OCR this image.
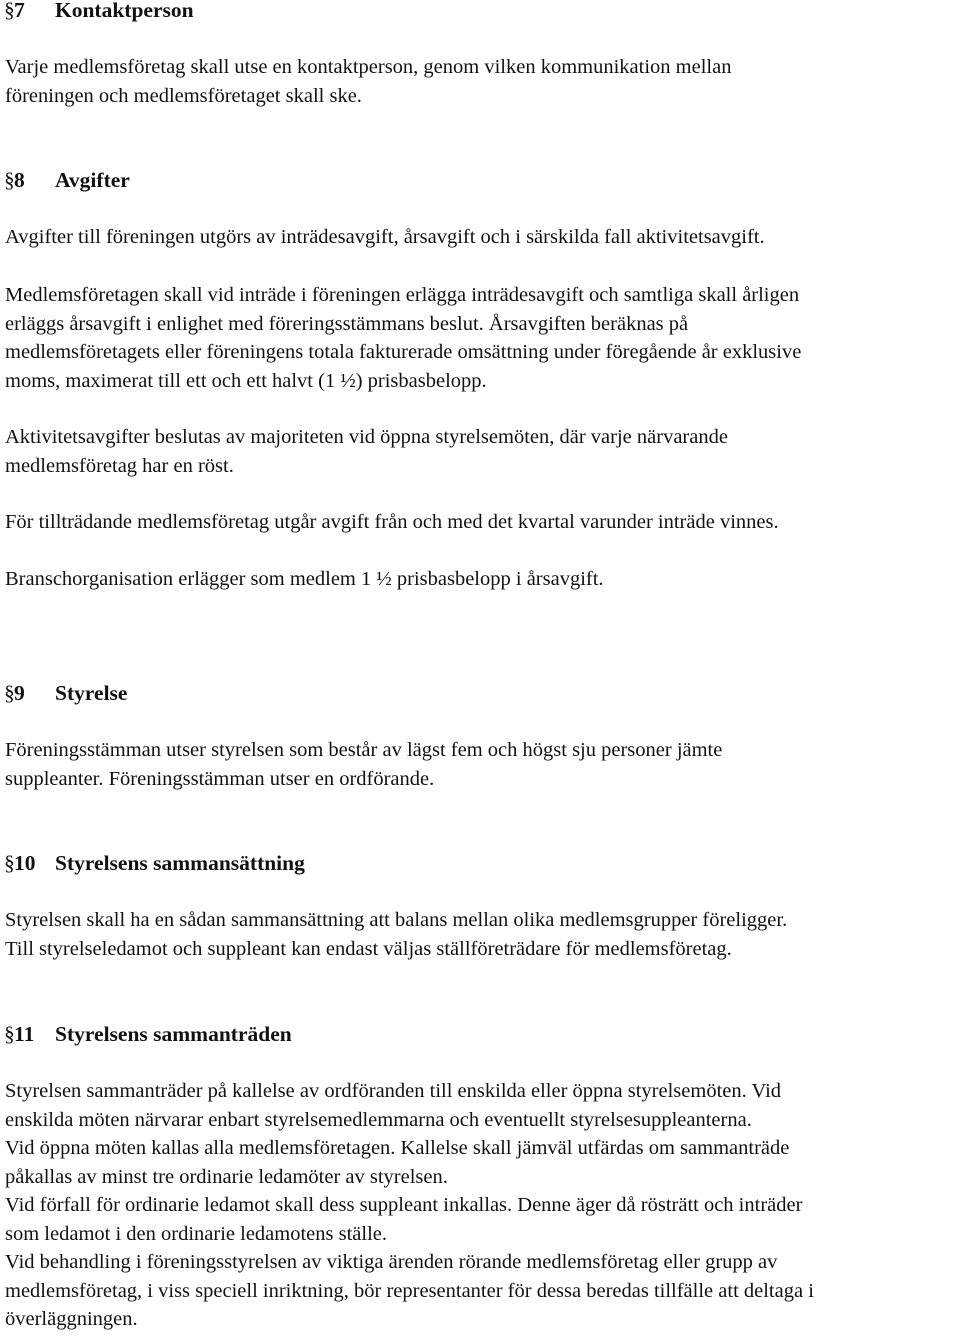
§7 Kontaktperson
Varje medlemsföretag skall utse en kontaktperson, genom vilken kommunikation mellan
föreningen och medlemsföretaget skall ske.
§8 Avgifter
Avgifter till föreningen utgörs av inträdesavgift, årsavgift och i särskilda fall aktivitetsavgift.
Medlemsföretagen skall vid inträde i föreningen erlägga inträdesavgift och samtliga skall årligen
erläggs årsavgift i enlighet med föreringsstämmans beslut. Årsavgiften beräknas på
medlemsföretagets eller föreningens totala fakturerade omsättning under föregående år exklusive
moms, maximerat till ett och ett halvt (1 ½) prisbasbelopp.
Aktivitetsavgifter beslutas av majoriteten vid öppna styrelsemöten, där varje närvarande
medlemsföretag har en röst.
För tillträdande medlemsföretag utgår avgift från och med det kvartal varunder inträde vinnes.
Branschorganisation erlägger som medlem 1 ½ prisbasbelopp i årsavgift.
§9 Styrelse
Föreningsstämman utser styrelsen som består av lägst fem och högst sju personer jämte
suppleanter. Föreningsstämman utser en ordförande.
§10 Styrelsens sammansättning
Styrelsen skall ha en sådan sammansättning att balans mellan olika medlemsgrupper föreligger.
Till styrelseledamot och suppleant kan endast väljas ställföreträdare för medlemsföretag.
§11 Styrelsens sammanträden
Styrelsen sammanträder på kallelse av ordföranden till enskilda eller öppna styrelsemöten. Vid
enskilda möten närvarar enbart styrelsemedlemmarna och eventuellt styrelsesuppleanterna.
Vid öppna möten kallas alla medlemsföretagen. Kallelse skall jämväl utfärdas om sammanträde
påkallas av minst tre ordinarie ledamöter av styrelsen.
Vid förfall för ordinarie ledamot skall dess suppleant inkallas. Denne äger då rösträtt och inträder
som ledamot i den ordinarie ledamotens ställe.
Vid behandling i föreningsstyrelsen av viktiga ärenden rörande medlemsföretag eller grupp av
medlemsföretag, i viss speciell inriktning, bör representanter för dessa beredas tillfälle att deltaga i
överläggningen.
